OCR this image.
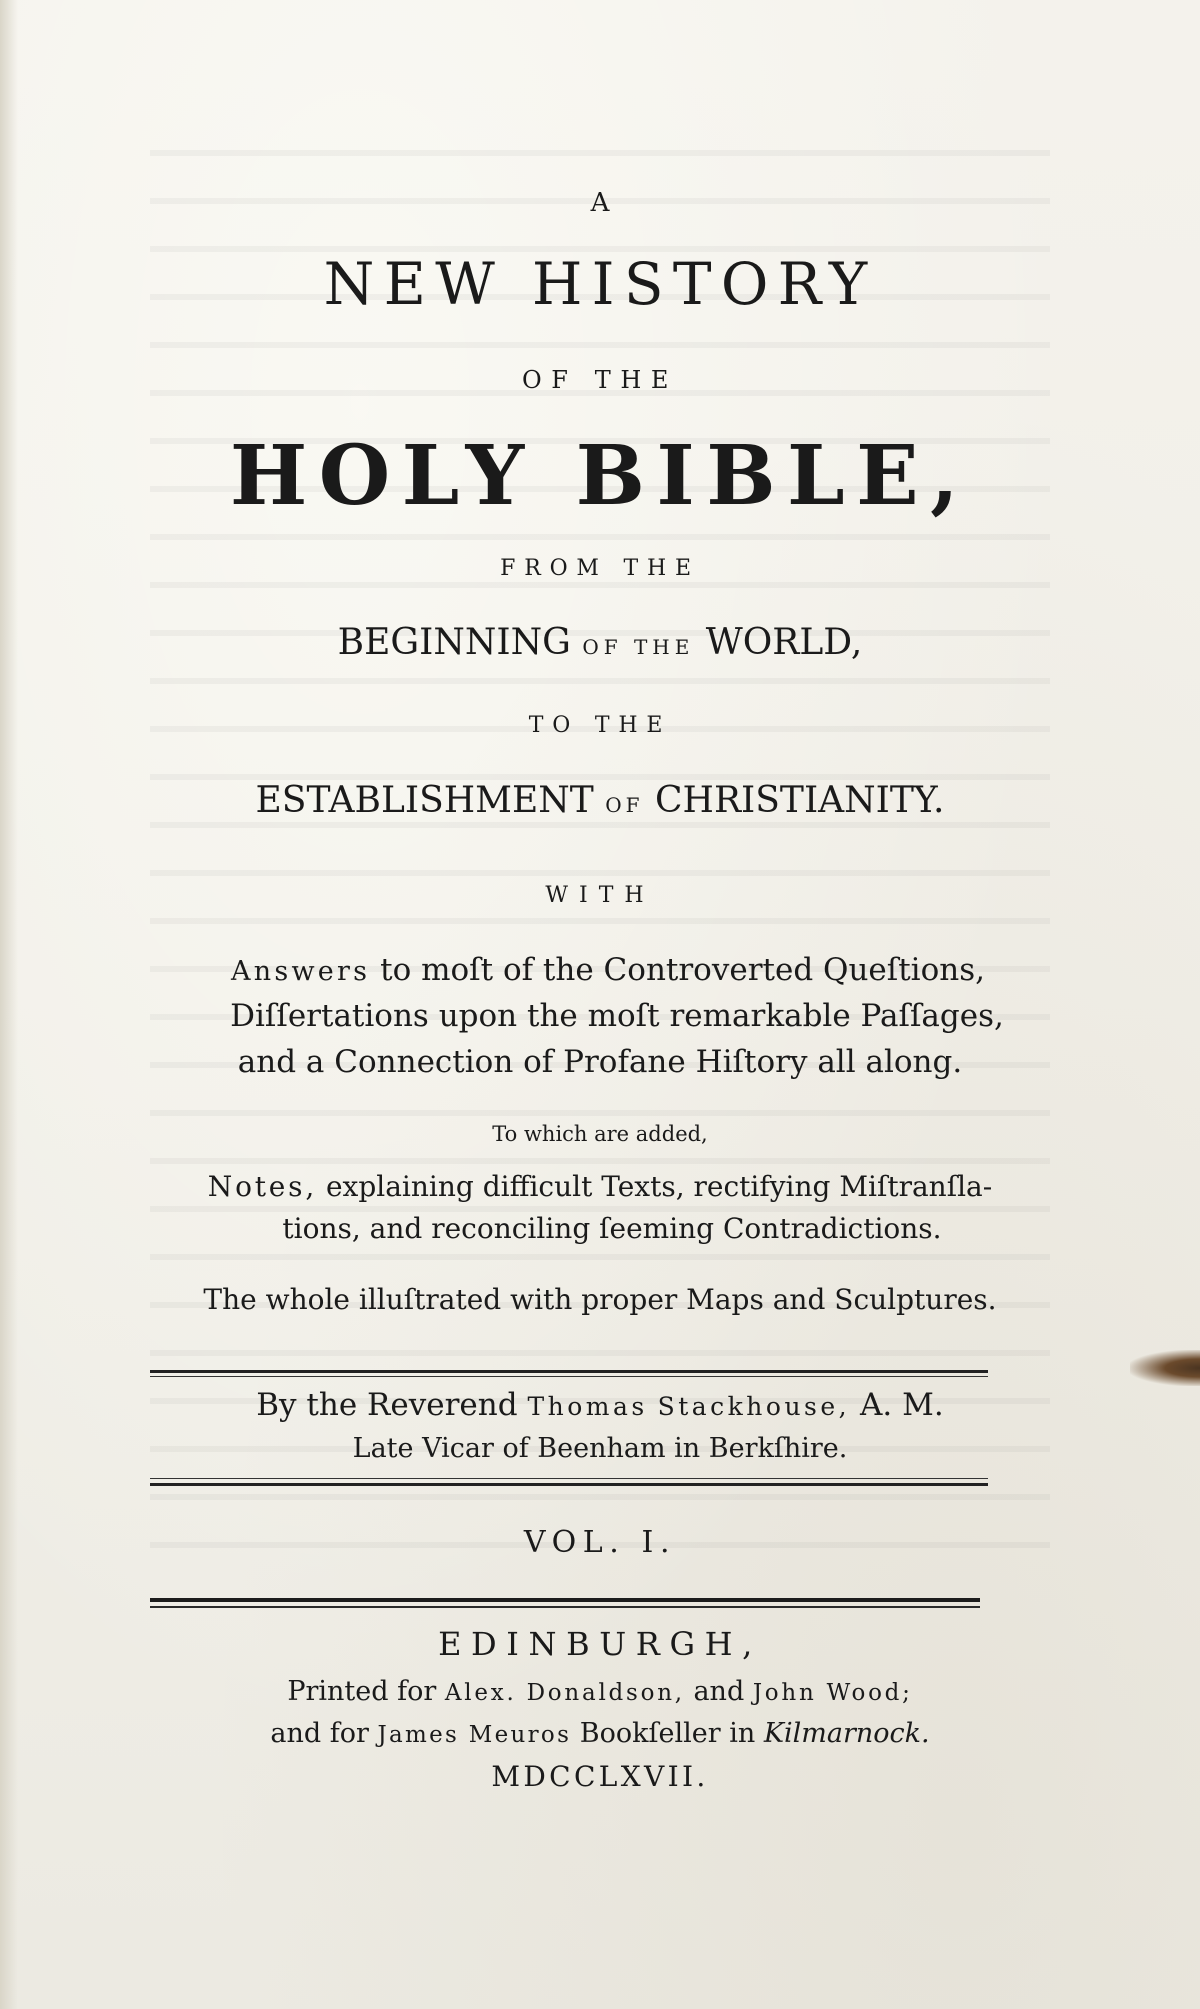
A
NEW HISTORY
OF THE
HOLY BIBLE,
FROM THE
BEGINNING OF THE WORLD,
TO THE
ESTABLISHMENT OF CHRISTIANITY.
WITH
Answers to moſt of the Controverted Queſtions,
Diſſertations upon the moſt remarkable Paſſages,
and a Connection of Profane Hiſtory all along.
To which are added,
Notes, explaining difficult Texts, rectifying Miſtranſla-
tions, and reconciling ſeeming Contradictions.
The whole illuſtrated with proper Maps and Sculptures.
By the Reverend Thomas Stackhouse, A. M.
Late Vicar of Beenham in Berkſhire.
VOL. I.
EDINBURGH,
Printed for Alex. Donaldson, and John Wood;
and for James Meuros Bookſeller in Kilmarnock.
MDCCLXVII.
